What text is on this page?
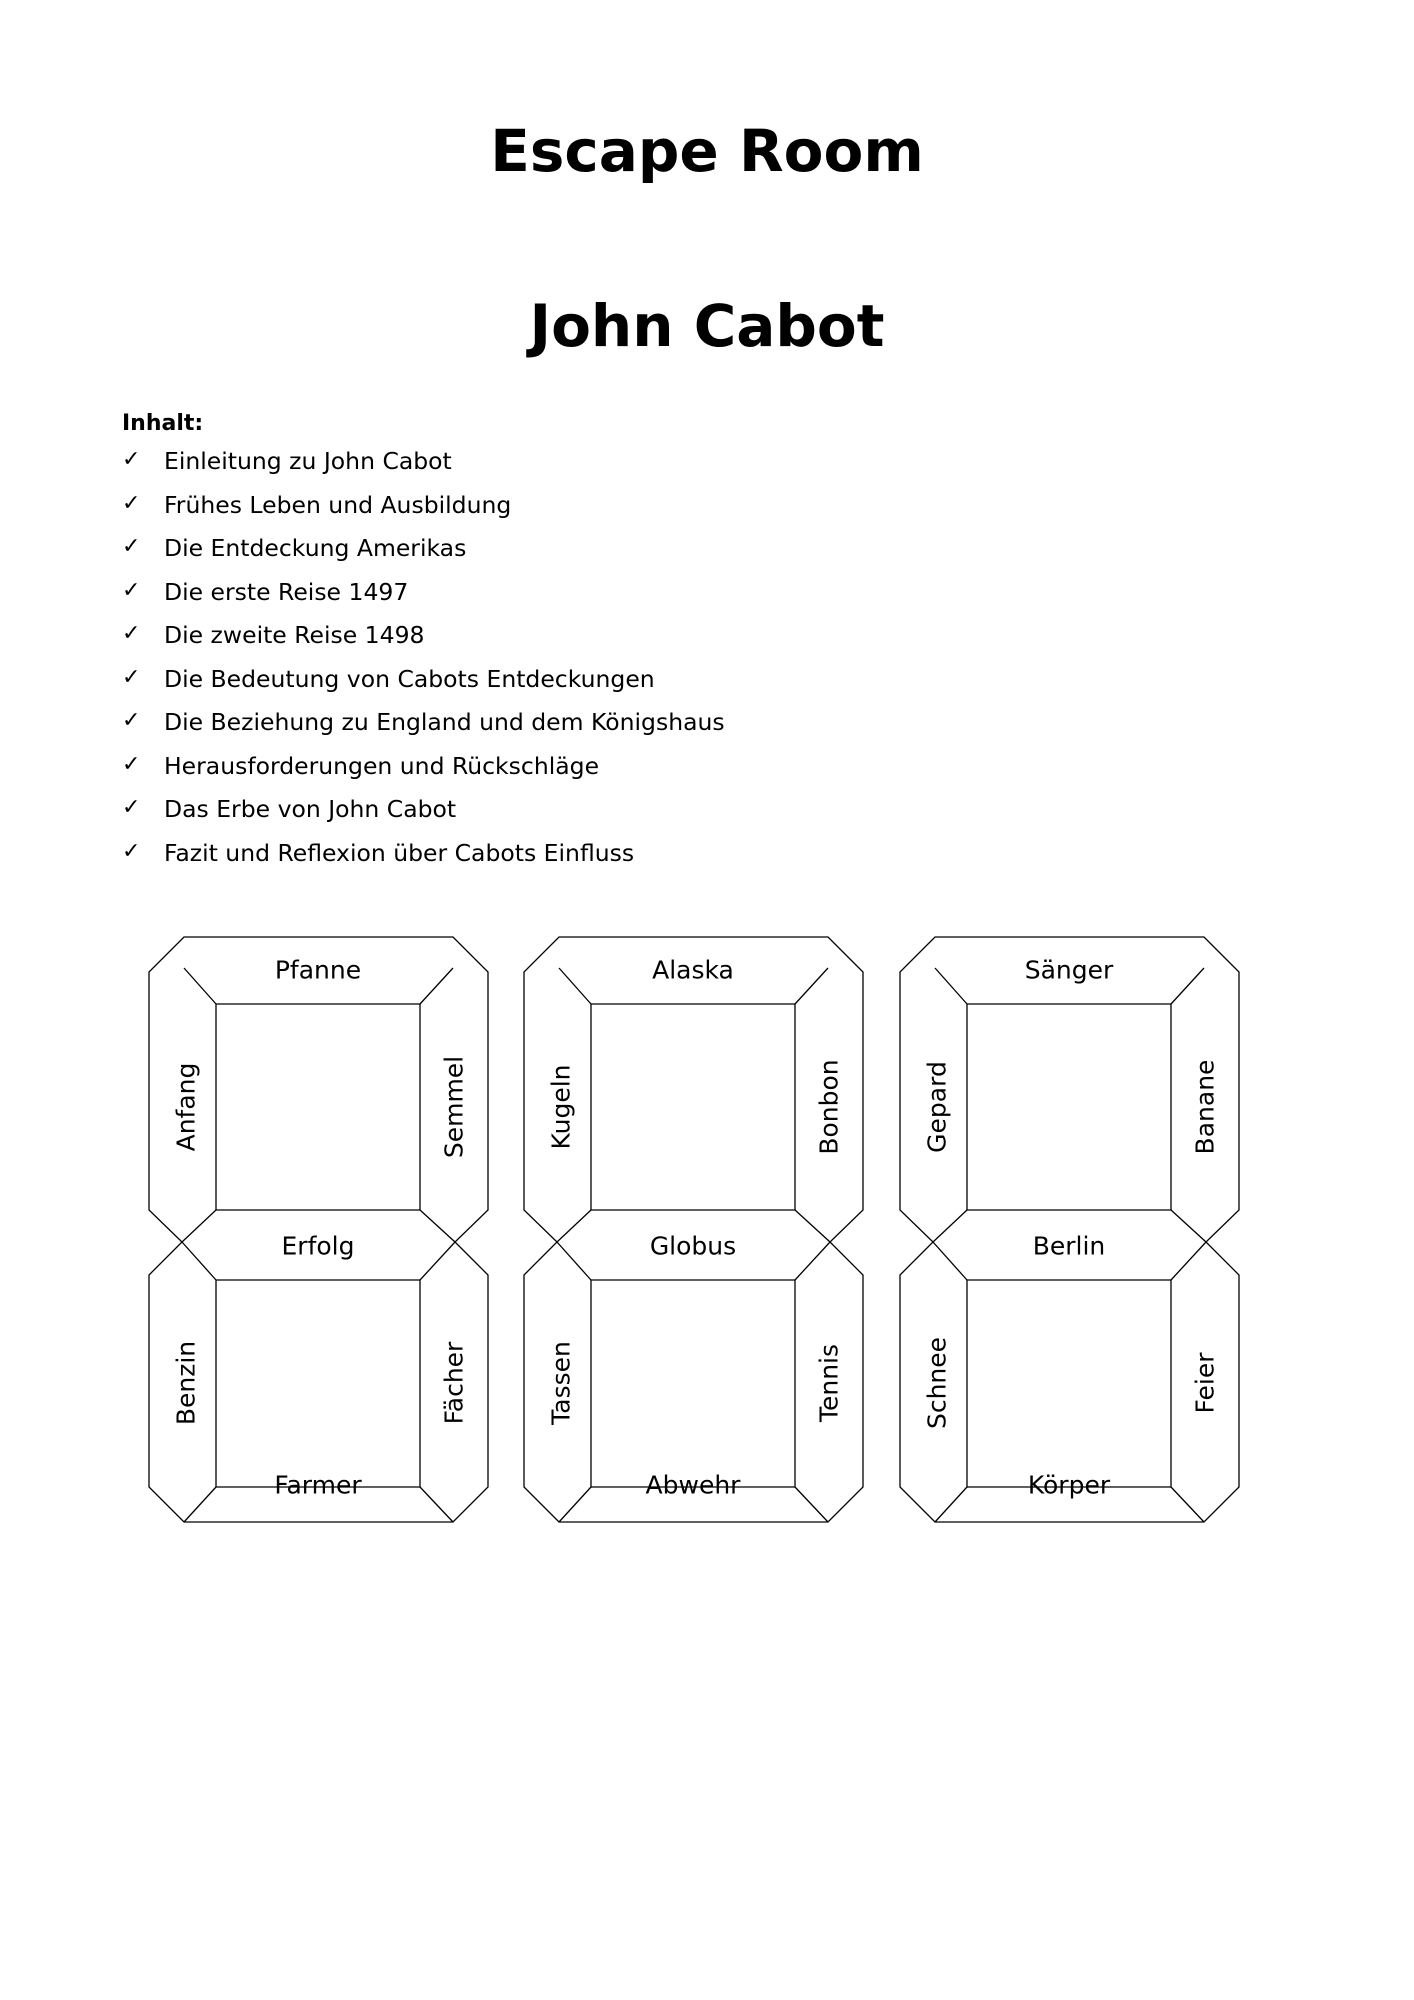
Escape Room
John Cabot
Inhalt:
✓	Einleitung zu John Cabot
✓	Frühes Leben und Ausbildung
✓	Die Entdeckung Amerikas
✓	Die erste Reise 1497
✓	Die zweite Reise 1498
✓	Die Bedeutung von Cabots Entdeckungen
✓	Die Beziehung zu England und dem Königshaus
✓	Herausforderungen und Rückschläge
✓	Das Erbe von John Cabot
✓	Fazit und Reflexion über Cabots Einfluss
Pfanne
Anfang	Semmel
Erfolg
Benzin	Fächer
Farmer
Alaska
Kugeln	Bonbon
Globus
Tassen	Tennis
Abwehr
Sänger
Gepard	Banane
Berlin
Schnee	Feier
Körper
